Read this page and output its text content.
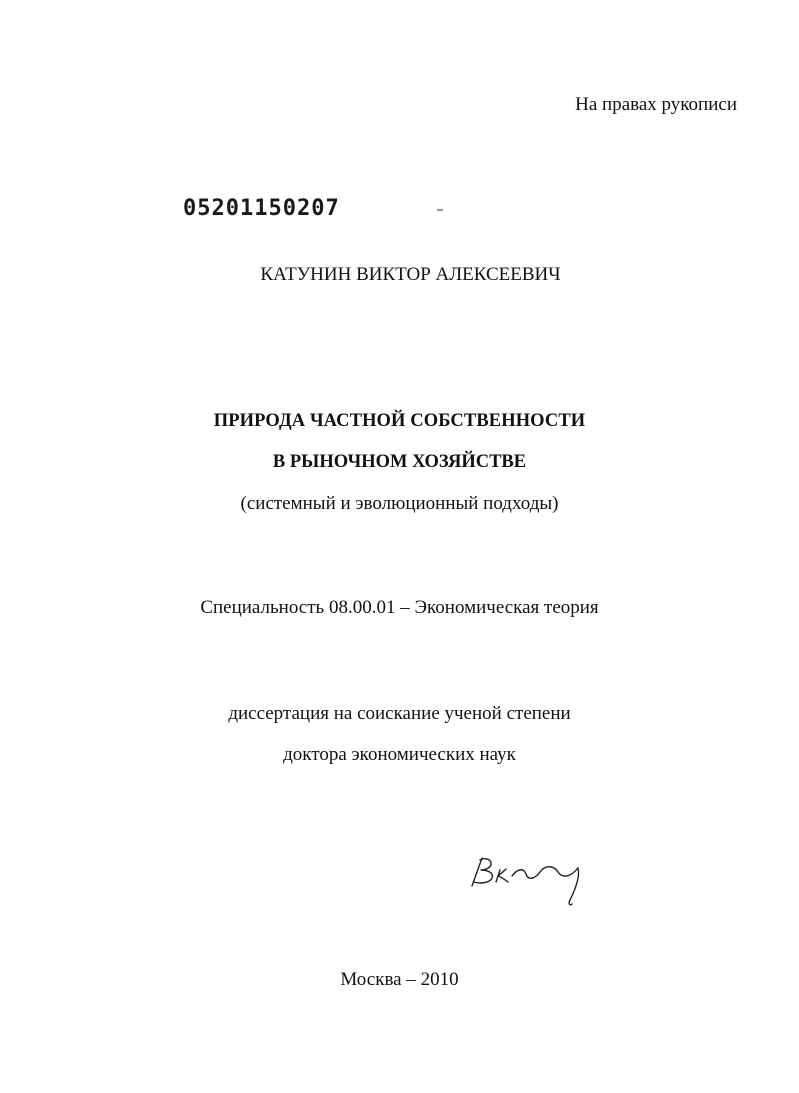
На правах рукописи
05201150207
КАТУНИН ВИКТОР АЛЕКСЕЕВИЧ
ПРИРОДА ЧАСТНОЙ СОБСТВЕННОСТИ
В РЫНОЧНОМ ХОЗЯЙСТВЕ
(системный и эволюционный подходы)
Специальность 08.00.01 – Экономическая теория
диссертация на соискание ученой степени
доктора экономических наук
Москва – 2010
